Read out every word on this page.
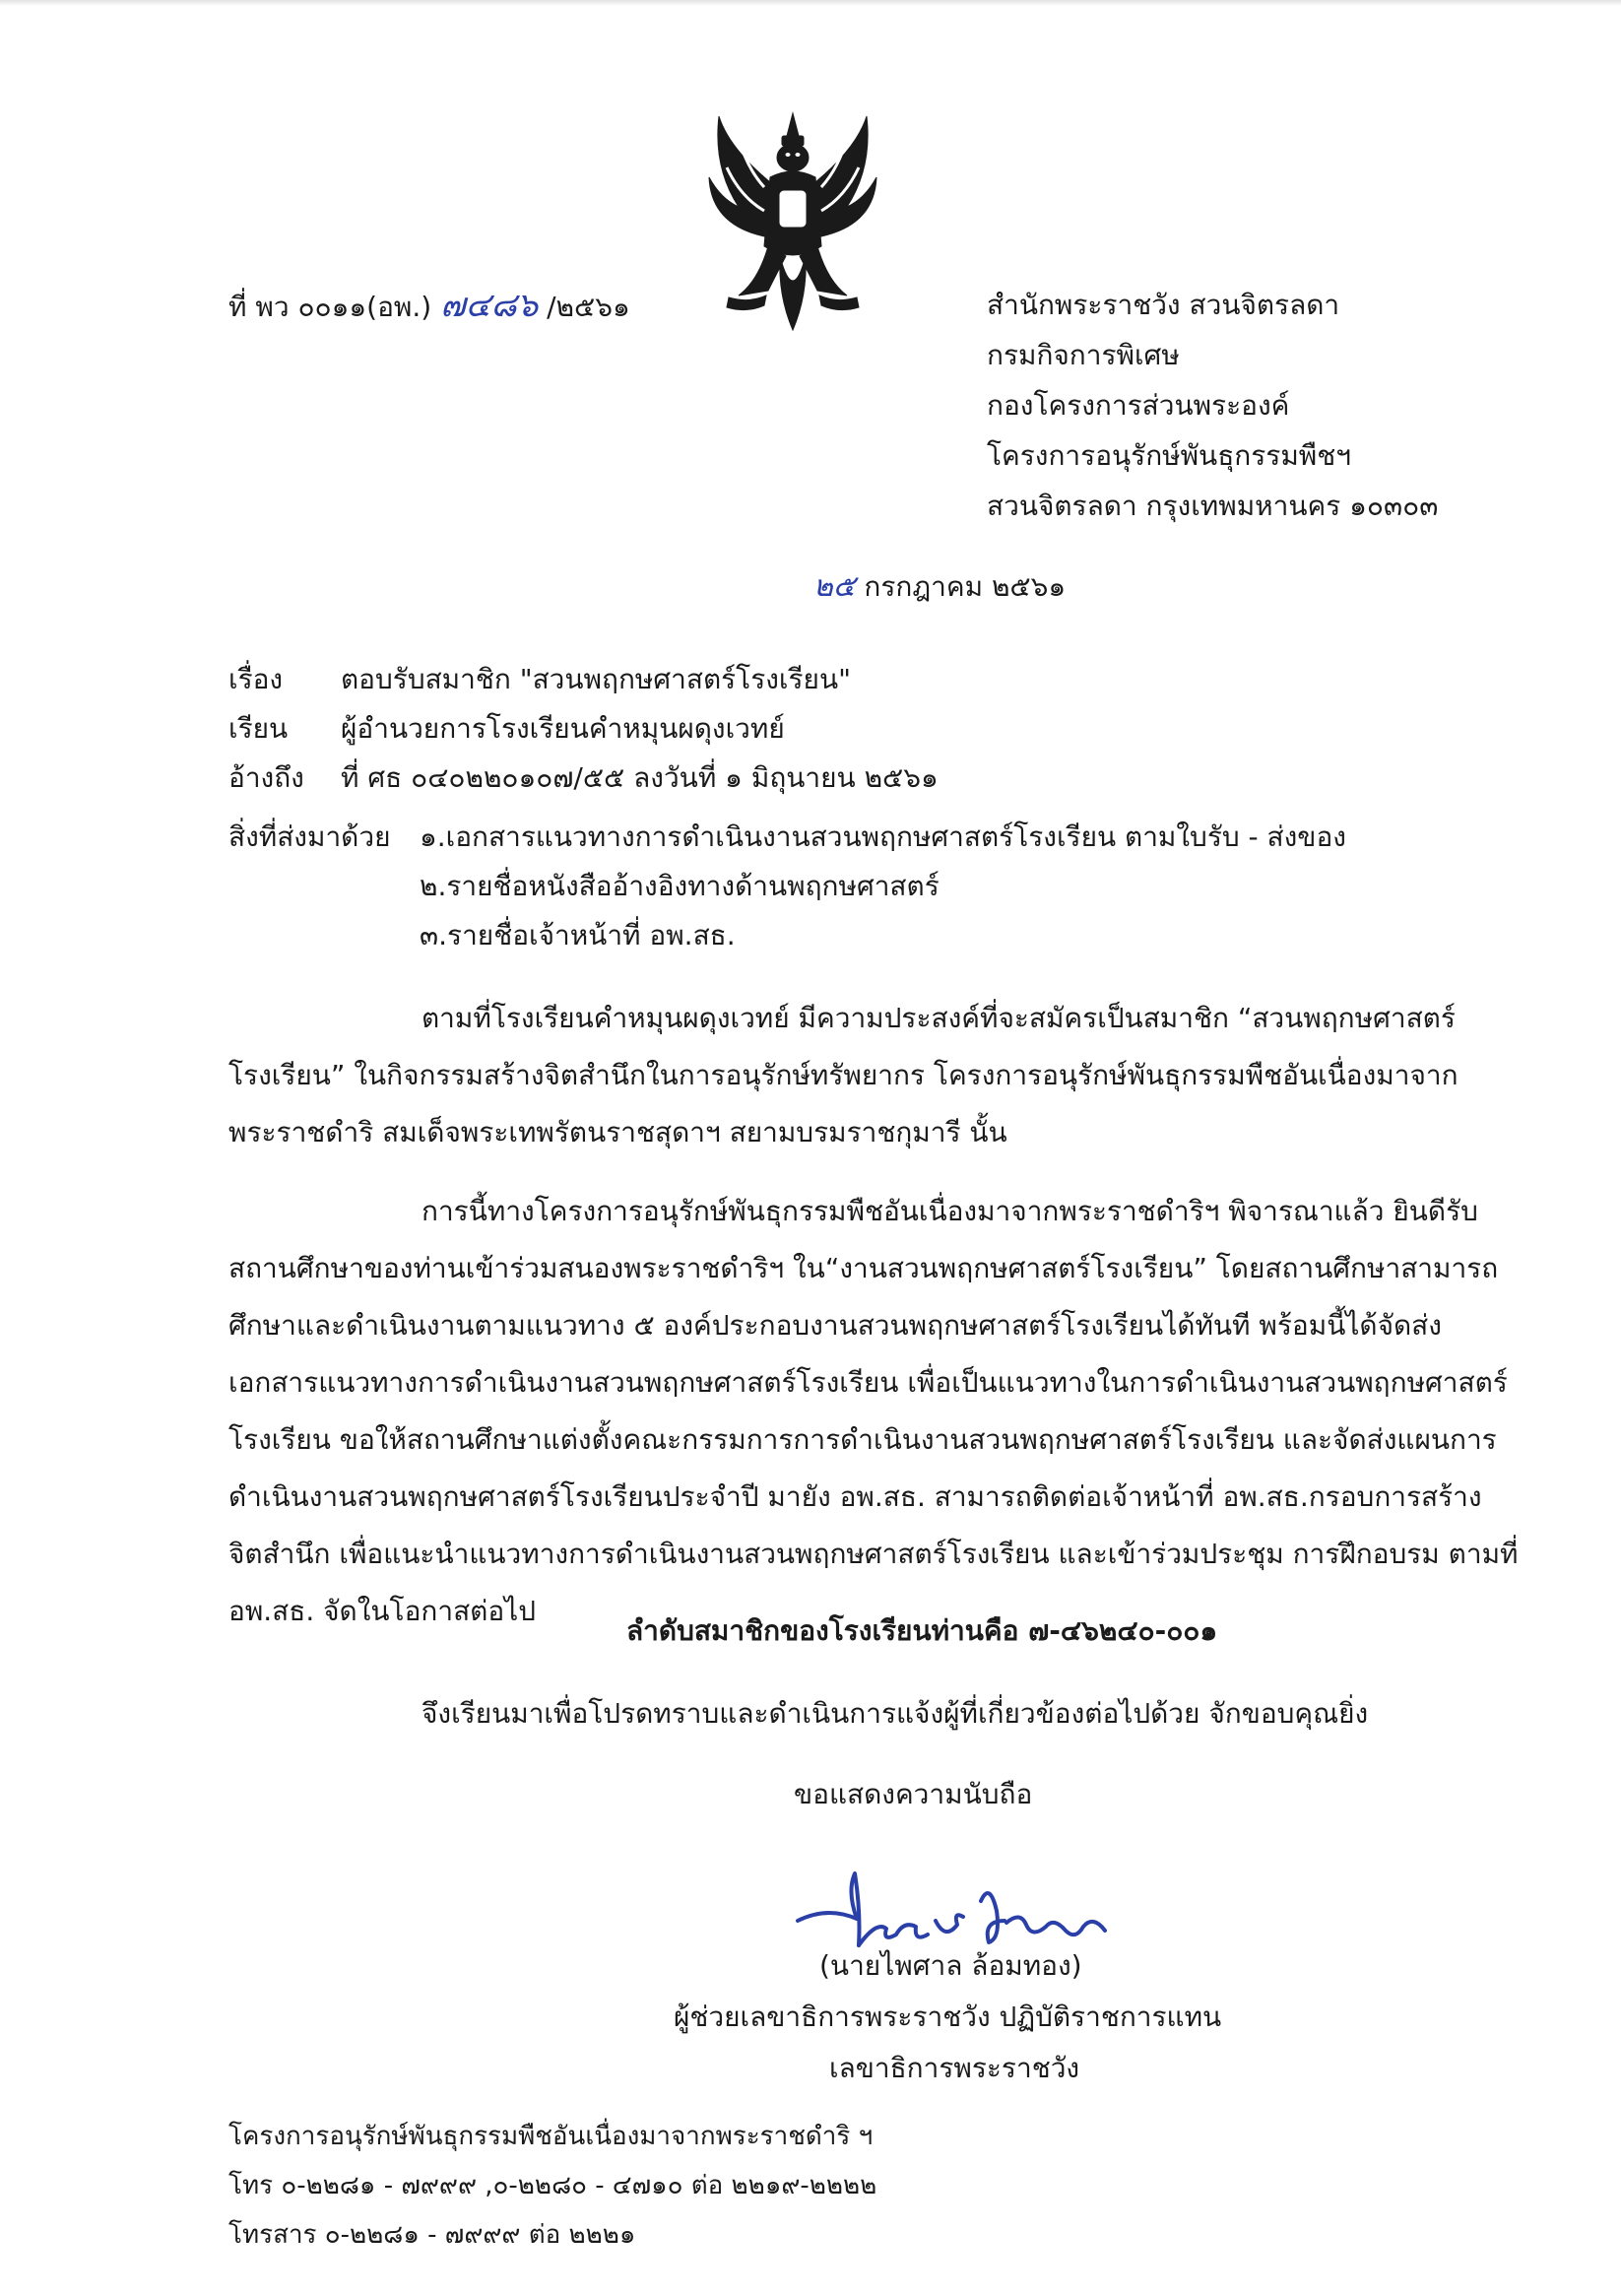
ที่ พว ๐๐๑๑(อพ.) ๗๔๘๖ /๒๕๖๑	สำนักพระราชวัง สวนจิตรลดา
กรมกิจการพิเศษ
กองโครงการส่วนพระองค์
โครงการอนุรักษ์พันธุกรรมพืชฯ
สวนจิตรลดา กรุงเทพมหานคร ๑๐๓๐๓
๒๕ กรกฎาคม ๒๕๖๑
เรื่อง ตอบรับสมาชิก "สวนพฤกษศาสตร์โรงเรียน"
เรียน ผู้อำนวยการโรงเรียนคำหมุนผดุงเวทย์
อ้างถึง ที่ ศธ ๐๔๐๒๒๐๑๐๗/๕๕ ลงวันที่ ๑ มิถุนายน ๒๕๖๑
สิ่งที่ส่งมาด้วย ๑.เอกสารแนวทางการดำเนินงานสวนพฤกษศาสตร์โรงเรียน ตามใบรับ - ส่งของ
๒.รายชื่อหนังสืออ้างอิงทางด้านพฤกษศาสตร์
๓.รายชื่อเจ้าหน้าที่ อพ.สธ.
ตามที่โรงเรียนคำหมุนผดุงเวทย์ มีความประสงค์ที่จะสมัครเป็นสมาชิก “สวนพฤกษศาสตร์
โรงเรียน” ในกิจกรรมสร้างจิตสำนึกในการอนุรักษ์ทรัพยากร โครงการอนุรักษ์พันธุกรรมพืชอันเนื่องมาจาก
พระราชดำริ สมเด็จพระเทพรัตนราชสุดาฯ สยามบรมราชกุมารี นั้น
การนี้ทางโครงการอนุรักษ์พันธุกรรมพืชอันเนื่องมาจากพระราชดำริฯ พิจารณาแล้ว ยินดีรับ
สถานศึกษาของท่านเข้าร่วมสนองพระราชดำริฯ ใน“งานสวนพฤกษศาสตร์โรงเรียน” โดยสถานศึกษาสามารถ
ศึกษาและดำเนินงานตามแนวทาง ๕ องค์ประกอบงานสวนพฤกษศาสตร์โรงเรียนได้ทันที พร้อมนี้ได้จัดส่ง
เอกสารแนวทางการดำเนินงานสวนพฤกษศาสตร์โรงเรียน เพื่อเป็นแนวทางในการดำเนินงานสวนพฤกษศาสตร์
โรงเรียน ขอให้สถานศึกษาแต่งตั้งคณะกรรมการการดำเนินงานสวนพฤกษศาสตร์โรงเรียน และจัดส่งแผนการ
ดำเนินงานสวนพฤกษศาสตร์โรงเรียนประจำปี มายัง อพ.สธ. สามารถติดต่อเจ้าหน้าที่ อพ.สธ.กรอบการสร้าง
จิตสำนึก เพื่อแนะนำแนวทางการดำเนินงานสวนพฤกษศาสตร์โรงเรียน และเข้าร่วมประชุม การฝึกอบรม ตามที่
อพ.สธ. จัดในโอกาสต่อไป
ลำดับสมาชิกของโรงเรียนท่านคือ ๗-๔๖๒๔๐-๐๐๑
จึงเรียนมาเพื่อโปรดทราบและดำเนินการแจ้งผู้ที่เกี่ยวข้องต่อไปด้วย จักขอบคุณยิ่ง
ขอแสดงความนับถือ
(นายไพศาล ล้อมทอง)
ผู้ช่วยเลขาธิการพระราชวัง ปฏิบัติราชการแทน
เลขาธิการพระราชวัง
โครงการอนุรักษ์พันธุกรรมพืชอันเนื่องมาจากพระราชดำริ ฯ
โทร ๐-๒๒๘๑ - ๗๙๙๙ ,๐-๒๒๘๐ - ๔๗๑๐ ต่อ ๒๒๑๙-๒๒๒๒
โทรสาร ๐-๒๒๘๑ - ๗๙๙๙ ต่อ ๒๒๒๑
